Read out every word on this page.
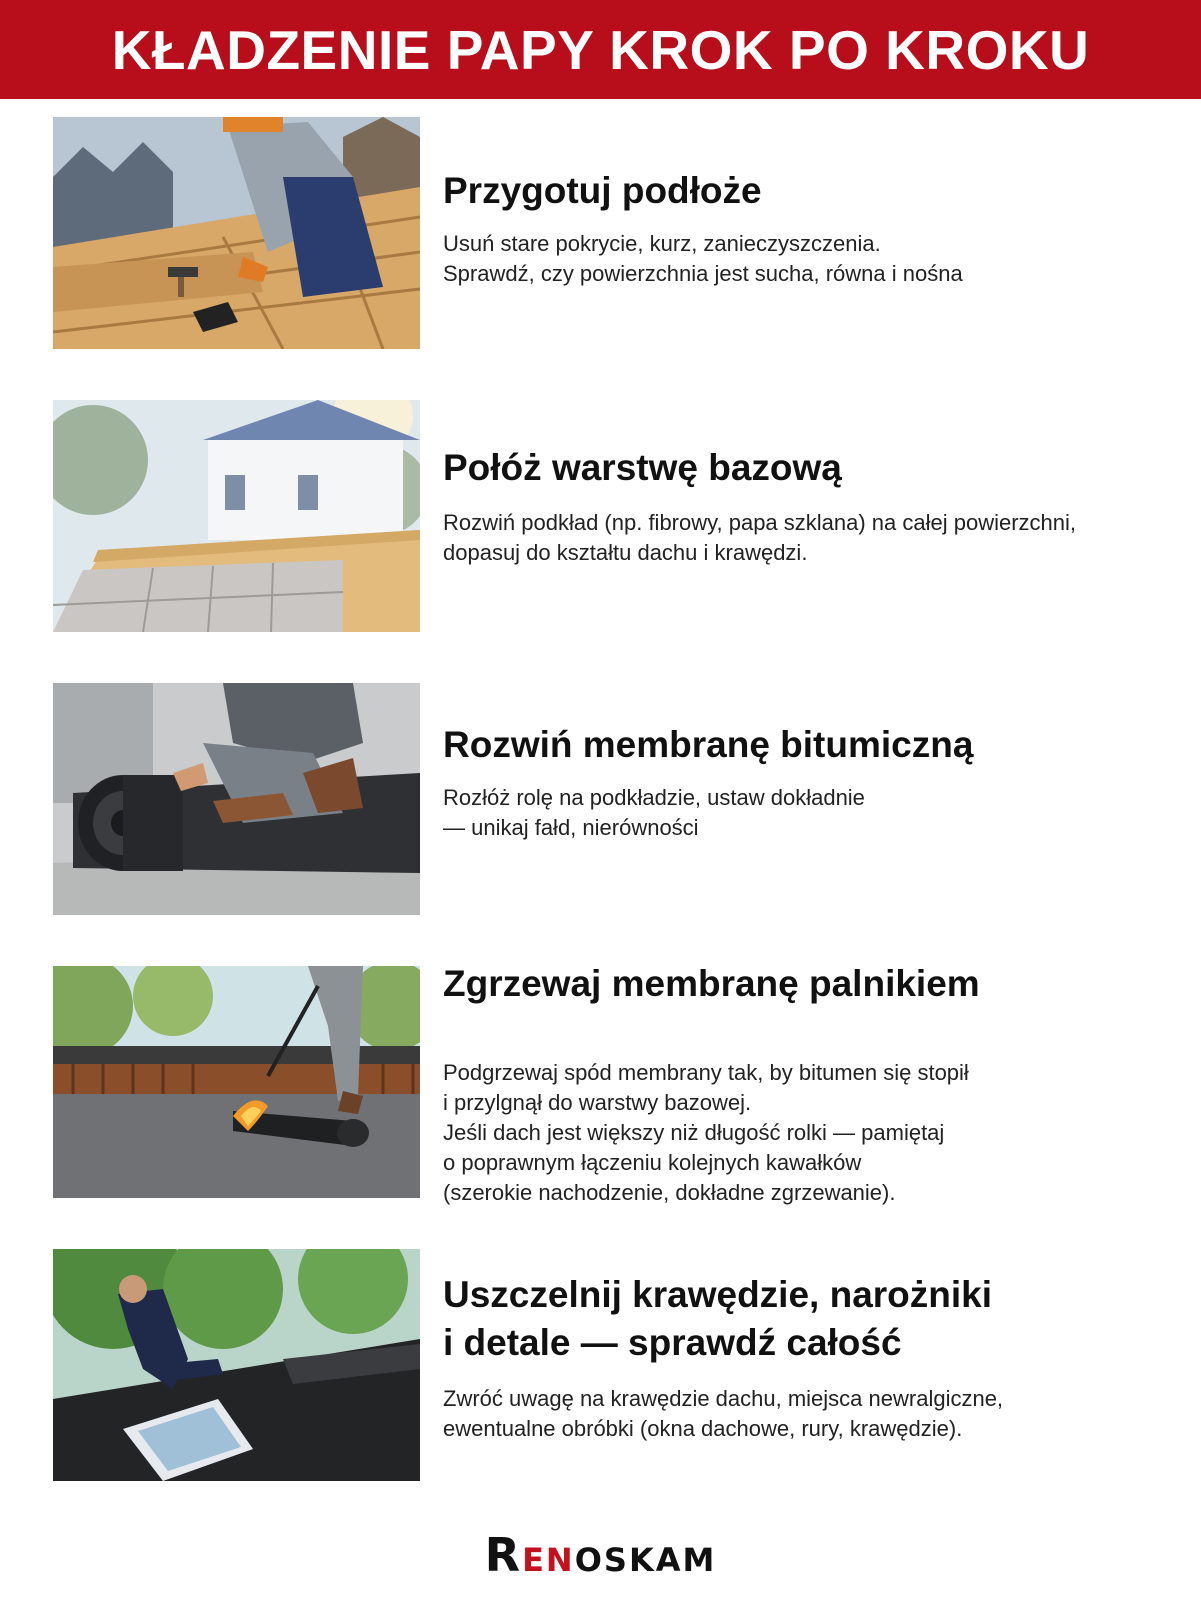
KŁADZENIE PAPY KROK PO KROKU
Przygotuj podłoże

Usuń stare pokrycie, kurz, zanieczyszczenia.
Sprawdź, czy powierzchnia jest sucha, równa i nośna

Połóż warstwę bazową

Rozwiń podkład (np. fibrowy, papa szklana) na całej powierzchni,
dopasuj do kształtu dachu i krawędzi.

Rozwiń membranę bitumiczną

Rozłóż rolę na podkładzie, ustaw dokładnie
— unikaj fałd, nierówności

Zgrzewaj membranę palnikiem

Podgrzewaj spód membrany tak, by bitumen się stopił
i przylgnął do warstwy bazowej.
Jeśli dach jest większy niż długość rolki — pamiętaj
o poprawnym łączeniu kolejnych kawałków
(szerokie nachodzenie, dokładne zgrzewanie).

Uszczelnij krawędzie, narożniki
i detale — sprawdź całość

Zwróć uwagę na krawędzie dachu, miejsca newralgiczne,
ewentualne obróbki (okna dachowe, rury, krawędzie).

RENOSKAM
